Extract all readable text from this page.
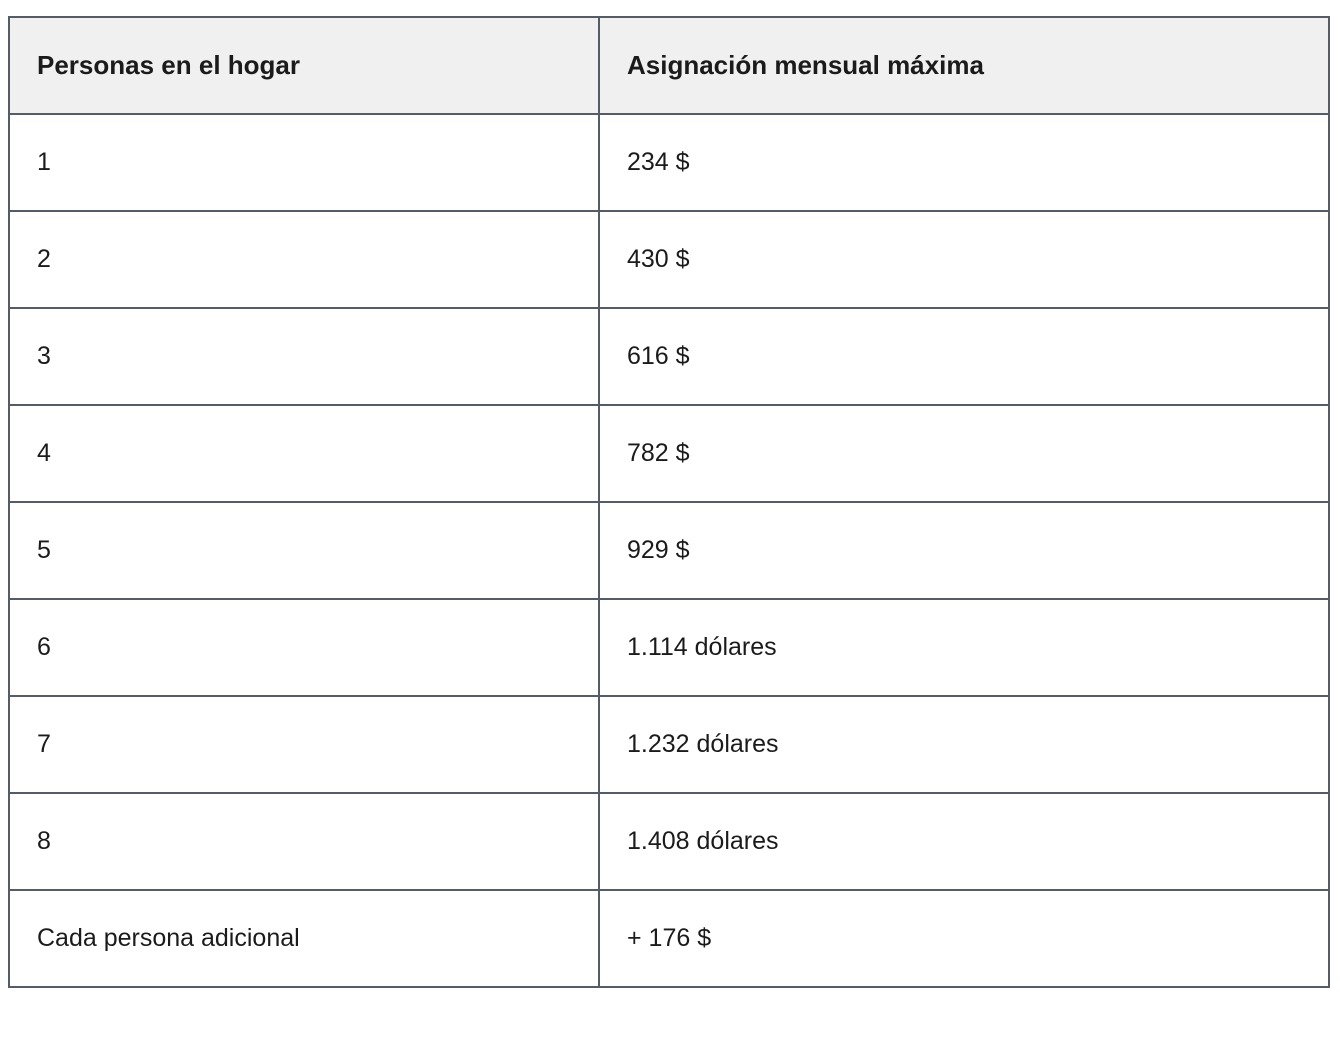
Personas en el hogar	Asignación mensual máxima
1	234 $
2	430 $
3	616 $
4	782 $
5	929 $
6	1.114 dólares
7	1.232 dólares
8	1.408 dólares
Cada persona adicional	+ 176 $
